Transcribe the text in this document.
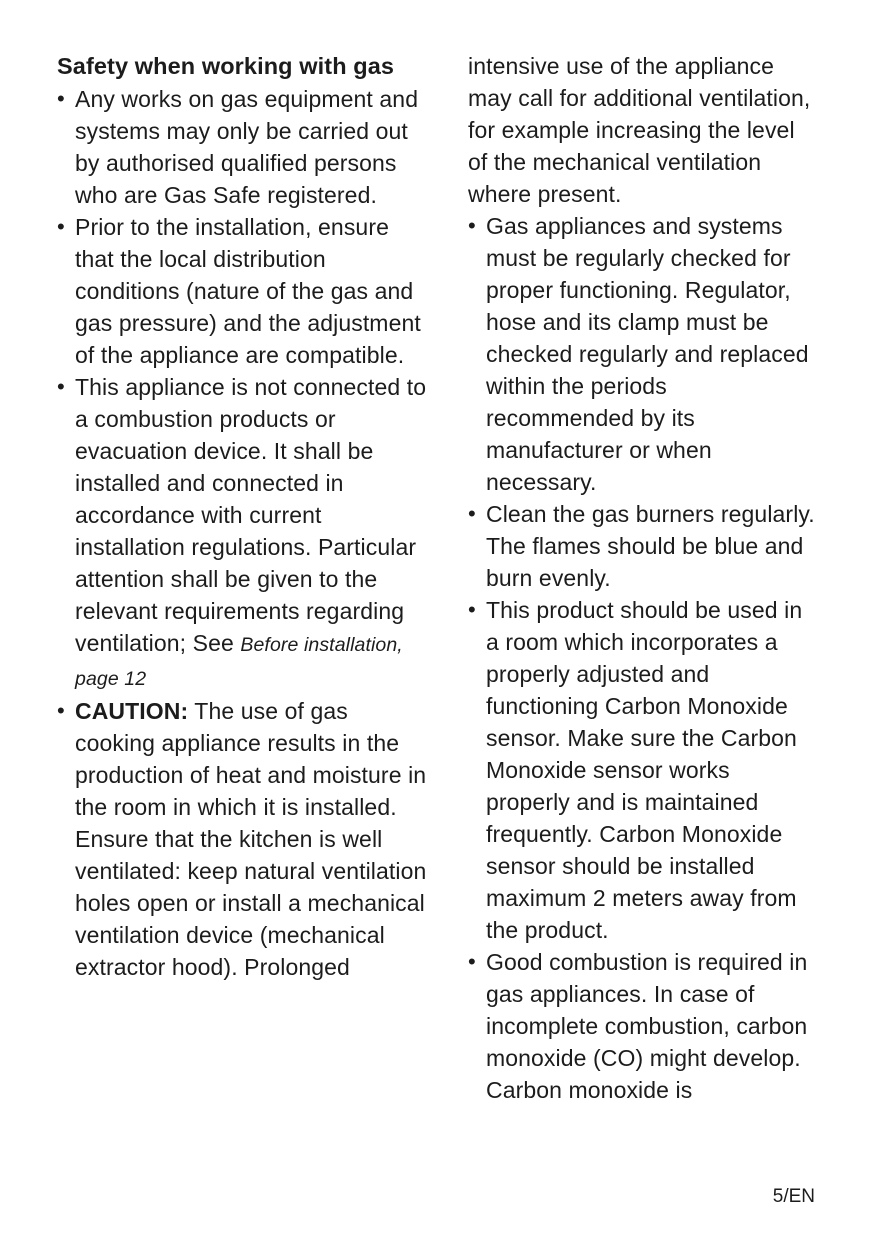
Safety when working with gas
• Any works on gas equipment and systems may only be carried out by authorised qualified persons who are Gas Safe registered.
• Prior to the installation, ensure that the local distribution conditions (nature of the gas and gas pressure) and the adjustment of the appliance are compatible.
• This appliance is not connected to a combustion products or evacuation device. It shall be installed and connected in accordance with current installation regulations. Particular attention shall be given to the relevant requirements regarding ventilation; See Before installation, page 12
• CAUTION: The use of gas cooking appliance results in the production of heat and moisture in the room in which it is installed. Ensure that the kitchen is well ventilated: keep natural ventilation holes open or install a mechanical ventilation device (mechanical extractor hood). Prolonged

intensive use of the appliance may call for additional ventilation, for example increasing the level of the mechanical ventilation where present.

• Gas appliances and systems must be regularly checked for proper functioning. Regulator, hose and its clamp must be checked regularly and replaced within the periods recommended by its manufacturer or when necessary.
• Clean the gas burners regularly. The flames should be blue and burn evenly.
• This product should be used in a room which incorporates a properly adjusted and functioning Carbon Monoxide sensor. Make sure the Carbon Monoxide sensor works properly and is maintained frequently. Carbon Monoxide sensor should be installed maximum 2 meters away from the product.
• Good combustion is required in gas appliances. In case of incomplete combustion, carbon monoxide (CO) might develop. Carbon monoxide is
5/EN
